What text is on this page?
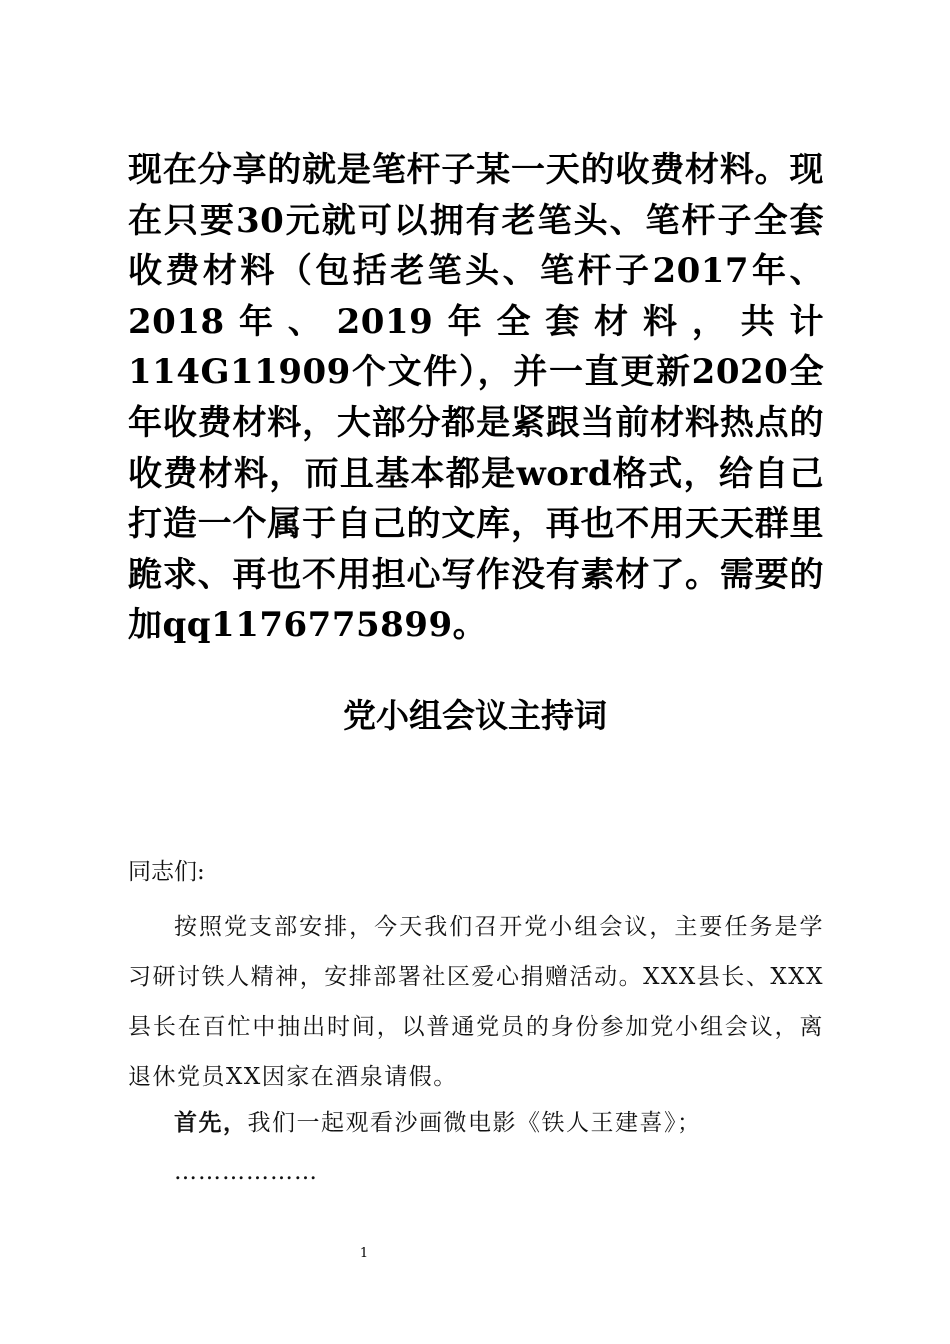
现在分享的就是笔杆子某一天的收费材料。现在只要30元就可以拥有老笔头、笔杆子全套收费材料（包括老笔头、笔杆子2017年、2018年、2019年全套材料，共计114G11909个文件），并一直更新2020全年收费材料，大部分都是紧跟当前材料热点的收费材料，而且基本都是word格式，给自己打造一个属于自己的文库，再也不用天天群里跪求、再也不用担心写作没有素材了。需要的加qq1176775899。
党小组会议主持词
同志们:
按照党支部安排，今天我们召开党小组会议，主要任务是学习研讨铁人精神，安排部署社区爱心捐赠活动。XXX县长、XXX县长在百忙中抽出时间，以普通党员的身份参加党小组会议，离退休党员XX因家在酒泉请假。
首先，我们一起观看沙画微电影《铁人王建喜》；
………………
1
